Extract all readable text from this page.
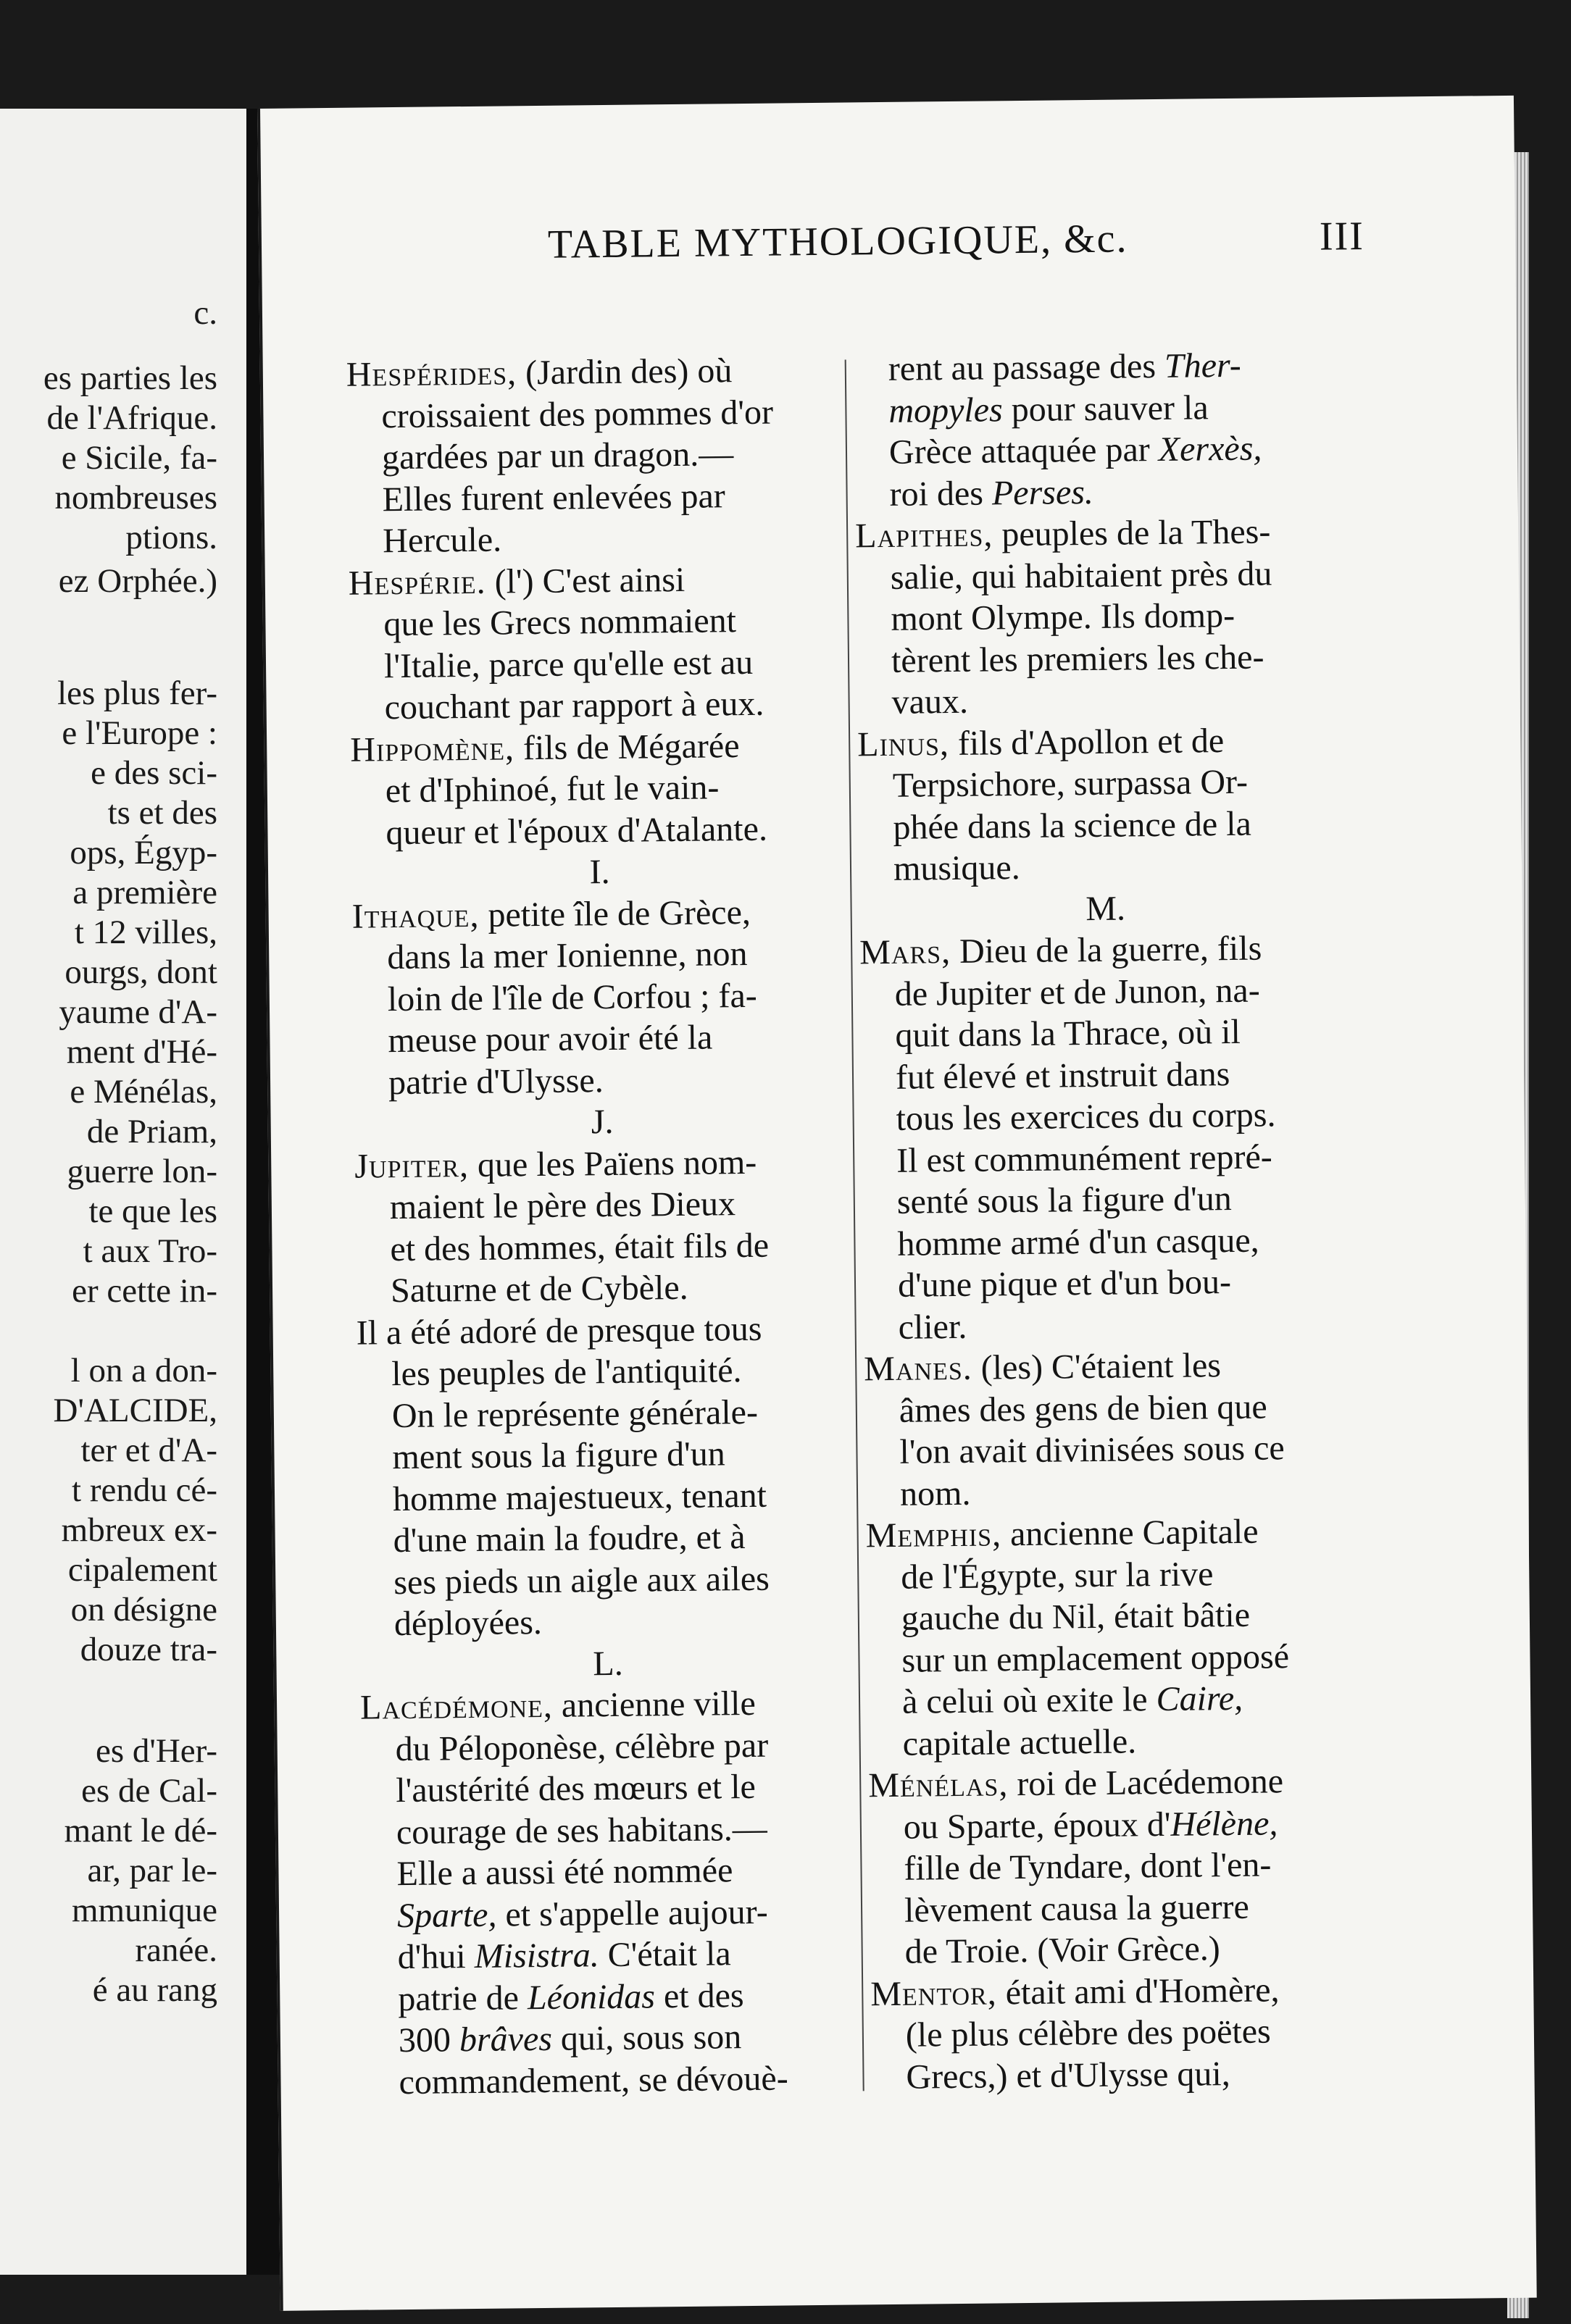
c.
es parties les
de l'Afrique.
e Sicile, fa-
nombreuses
ptions.
ez Orphée.)
les plus fer-
e l'Europe :
e des sci-
ts et des
ops, Égyp-
a première
t 12 villes,
ourgs, dont
yaume d'A-
ment d'Hé-
e Ménélas,
de Priam,
guerre lon-
te que les
t aux Tro-
er cette in-
l on a don-
D'ALCIDE,
ter et d'A-
t rendu cé-
mbreux ex-
cipalement
on désigne
douze tra-
es d'Her-
es de Cal-
mant le dé-
ar, par le-
mmunique
ranée.
é au rang
TABLE MYTHOLOGIQUE, &c.	III

Hespérides, (Jardin des) où
croissaient des pommes d'or
gardées par un dragon.—
Elles furent enlevées par
Hercule.

Hespérie. (l') C'est ainsi
que les Grecs nommaient
l'Italie, parce qu'elle est au
couchant par rapport à eux.

Hippomène, fils de Mégarée
et d'Iphinoé, fut le vain-
queur et l'époux d'Atalante.

I.

Ithaque, petite île de Grèce,
dans la mer Ionienne, non
loin de l'île de Corfou ; fa-
meuse pour avoir été la
patrie d'Ulysse.

J.

Jupiter, que les Païens nom-
maient le père des Dieux
et des hommes, était fils de
Saturne et de Cybèle.

Il a été adoré de presque tous
les peuples de l'antiquité.
On le représente générale-
ment sous la figure d'un
homme majestueux, tenant
d'une main la foudre, et à
ses pieds un aigle aux ailes
déployées.

L.

Lacédémone, ancienne ville
du Péloponèse, célèbre par
l'austérité des mœurs et le
courage de ses habitans.—
Elle a aussi été nommée
Sparte, et s'appelle aujour-
d'hui Misistra. C'était la
patrie de Léonidas et des
300 brâves qui, sous son
commandement, se dévouè-

rent au passage des Ther-
mopyles pour sauver la
Grèce attaquée par Xerxès,
roi des Perses.

Lapithes, peuples de la Thes-
salie, qui habitaient près du
mont Olympe. Ils domp-
tèrent les premiers les che-
vaux.

Linus, fils d'Apollon et de
Terpsichore, surpassa Or-
phée dans la science de la
musique.

M.

Mars, Dieu de la guerre, fils
de Jupiter et de Junon, na-
quit dans la Thrace, où il
fut élevé et instruit dans
tous les exercices du corps.
Il est communément repré-
senté sous la figure d'un
homme armé d'un casque,
d'une pique et d'un bou-
clier.

Manes. (les) C'étaient les
âmes des gens de bien que
l'on avait divinisées sous ce
nom.

Memphis, ancienne Capitale
de l'Égypte, sur la rive
gauche du Nil, était bâtie
sur un emplacement opposé
à celui où exite le Caire,
capitale actuelle.

Ménélas, roi de Lacédemone
ou Sparte, époux d'Hélène,
fille de Tyndare, dont l'en-
lèvement causa la guerre
de Troie. (Voir Grèce.)

Mentor, était ami d'Homère,
(le plus célèbre des poëtes
Grecs,) et d'Ulysse qui,
